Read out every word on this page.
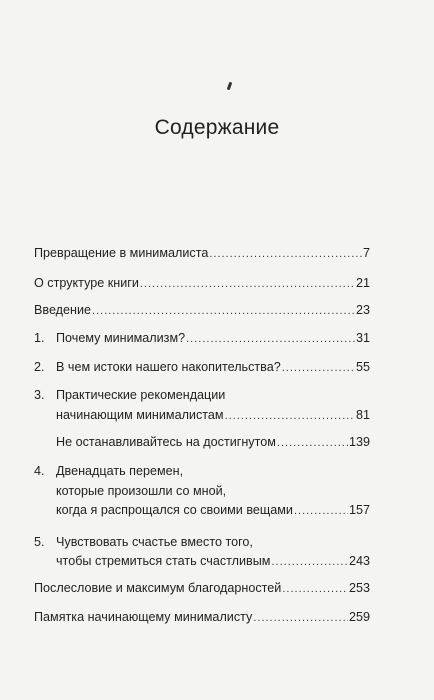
Содержание
Превращение в минималиста .....	7
О структуре книги .....	21
Введение .....	23
1. Почему минимализм? .....	31
2. В чем истоки нашего накопительства? .....	55
3. Практические рекомендации
начинающим минималистам .....	81
Не останавливайтесь на достигнутом .....	139
4. Двенадцать перемен,
которые произошли со мной,
когда я распрощался со своими вещами .....	157
5. Чувствовать счастье вместо того,
чтобы стремиться стать счастливым .....	243
Послесловие и максимум благодарностей .....	253
Памятка начинающему минималисту .....	259
